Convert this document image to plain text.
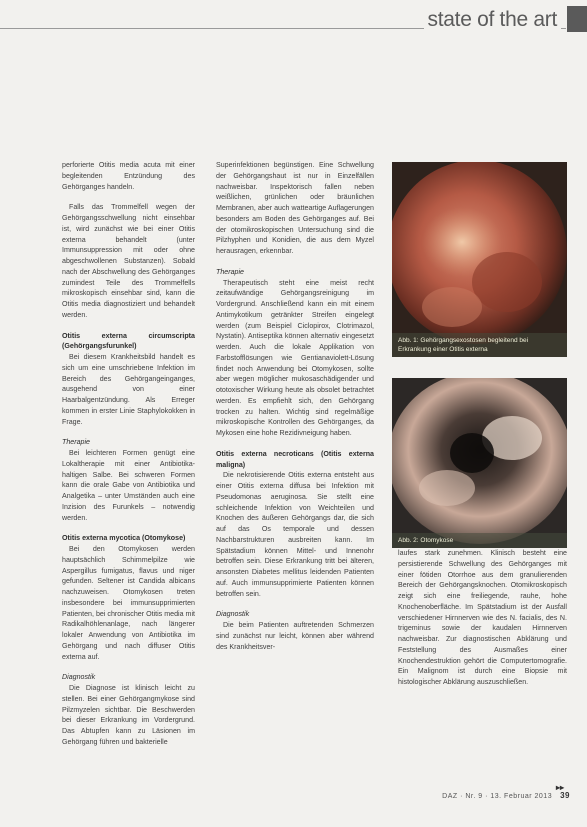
state of the art

perforierte Otitis media acuta mit einer begleitenden Entzündung des Gehörganges handeln.

Falls das Trommelfell wegen der Gehörgangsschwellung nicht einsehbar ist, wird zunächst wie bei einer Otitis externa behandelt (unter Immunsuppression mit oder ohne abgeschwollenen Substanzen). Sobald nach der Abschwellung des Gehörganges zumindest Teile des Trommelfells mikroskopisch einsehbar sind, kann die Otitis media diagnostiziert und behandelt werden.

Otitis externa circumscripta (Gehörgangsfurunkel)

Bei diesem Krankheitsbild handelt es sich um eine umschriebene Infektion im Bereich des Gehörgangeinganges, ausgehend von einer Haarbalgentzündung. Als Erreger kommen in erster Linie Staphylokokken in Frage.

Therapie

Bei leichteren Formen genügt eine Lokaltherapie mit einer Antibiotika-haltigen Salbe. Bei schweren Formen kann die orale Gabe von Antibiotika und Analgetika – unter Umständen auch eine Inzision des Furunkels – notwendig werden.

Otitis externa mycotica (Otomykose)

Bei den Otomykosen werden hauptsächlich Schimmelpilze wie Aspergillus fumigatus, flavus und niger gefunden. Seltener ist Candida albicans nachzuweisen. Otomykosen treten insbesondere bei immunsupprimierten Patienten, bei chronischer Otitis media mit Radikalhöhlenanlage, nach längerer lokaler Anwendung von Antibiotika im Gehörgang und nach diffuser Otitis externa auf.

Diagnostik

Die Diagnose ist klinisch leicht zu stellen. Bei einer Gehörgangmykose sind Pilzmyzelen sichtbar. Die Beschwerden bei dieser Erkrankung im Vordergrund. Das Abtupfen kann zu Läsionen im Gehörgang führen und bakterielle

Superinfektionen begünstigen. Eine Schwellung der Gehörgangshaut ist nur in Einzelfällen nachweisbar. Inspektorisch fallen neben weißlichen, grünlichen oder bräunlichen Membranen, aber auch watteartige Auflagerungen besonders am Boden des Gehörganges auf. Bei der otomikroskopischen Untersuchung sind die Pilzhyphen und Konidien, die aus dem Myzel herausragen, erkennbar.

Therapie

Therapeutisch steht eine meist recht zeitaufwändige Gehörgangsreinigung im Vordergrund. Anschließend kann ein mit einem Antimykotikum getränkter Streifen eingelegt werden (zum Beispiel Ciclopirox, Clotrimazol, Nystatin). Antiseptika können alternativ eingesetzt werden. Auch die lokale Applikation von Farbstofflösungen wie Gentianaviolett-Lösung findet noch Anwendung bei Otomykosen, sollte aber wegen möglicher mukosaschädigender und ototoxischer Wirkung heute als obsolet betrachtet werden. Es empfiehlt sich, den Gehörgang trocken zu halten. Wichtig sind regelmäßige mikroskopische Kontrollen des Gehörganges, da Mykosen eine hohe Rezidivneigung haben.

Otitis externa necroticans (Otitis externa maligna)

Die nekrotisierende Otitis externa entsteht aus einer Otitis externa diffusa bei Infektion mit Pseudomonas aeruginosa. Sie stellt eine schleichende Infektion von Weichteilen und Knochen des äußeren Gehörgangs dar, die sich auf das Os temporale und dessen Nachbarstrukturen ausbreiten kann. Im Spätstadium können Mittel- und Innenohr betroffen sein. Diese Erkrankung tritt bei älteren, ansonsten Diabetes mellitus leidenden Patienten auf. Auch immunsupprimierte Patienten können betroffen sein.

Diagnostik

Die beim Patienten auftretenden Schmerzen sind zunächst nur leicht, können aber während des Krankheitsver-

Abb. 1: Gehörgangsexostosen begleitend bei Erkrankung einer Otitis externa
Abb. 2: Otomykose

laufes stark zunehmen. Klinisch besteht eine persistierende Schwellung des Gehörganges mit einer fötiden Otorrhoe aus dem granulierenden Bereich der Gehörgangsknochen. Otomikroskopisch zeigt sich eine freiliegende, rauhe, hohe Knochenoberfläche. Im Spätstadium ist der Ausfall verschiedener Hirnnerven wie des N. facialis, des N. trigeminus sowie der kaudalen Hirnnerven nachweisbar. Zur diagnostischen Abklärung und Feststellung des Ausmaßes einer Knochendestruktion gehört die Computertomografie. Ein Malignom ist durch eine Biopsie mit histologischer Abklärung auszuschließen.

▸▸
DAZ · Nr. 9 · 13. Februar 2013 39
